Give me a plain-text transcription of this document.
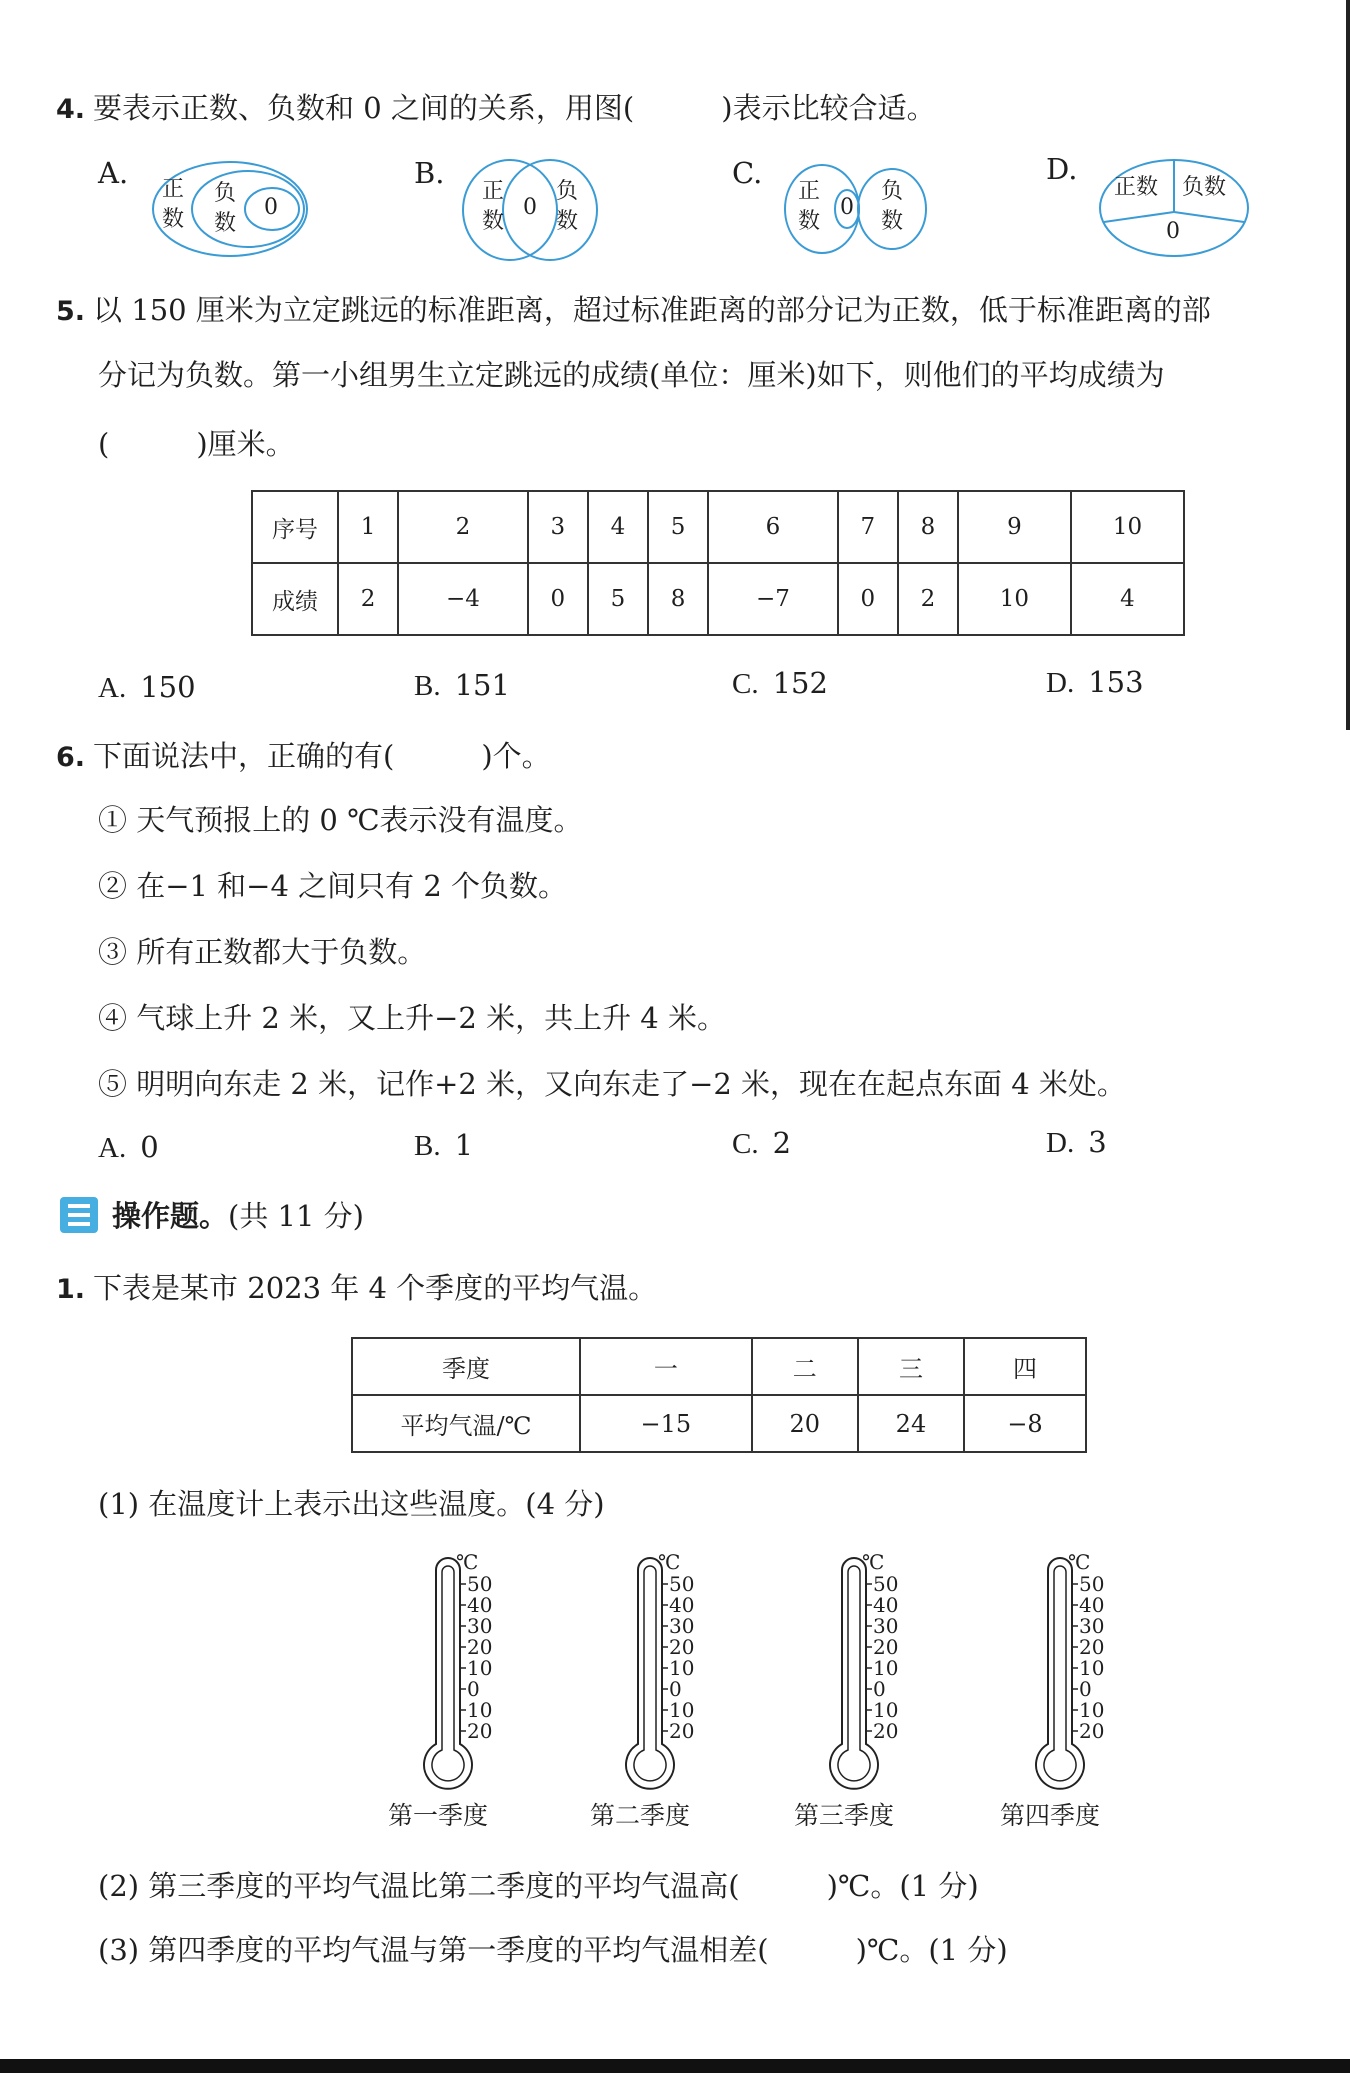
4. 要表示正数、负数和 0 之间的关系，用图(　　　)表示比较合适。
A. 正
数
负
数
0
B.
正
数
0
负
数
C.
正
数
0
负
数
D.
正数 负数
0
5. 以 150 厘米为立定跳远的标准距离，超过标准距离的部分记为正数，低于标准距离的部
分记为负数。第一小组男生立定跳远的成绩(单位：厘米)如下，则他们的平均成绩为
(　　　)厘米。
序号	1	2	3	4	5	6	7	8	9	10
成绩	2	−4	0	5	8	−7	0	2	10	4
A. 150	B. 151	C. 152	D. 153
6. 下面说法中，正确的有(　　　)个。
① 天气预报上的 0 ℃表示没有温度。
② 在−1 和−4 之间只有 2 个负数。
③ 所有正数都大于负数。
④ 气球上升 2 米，又上升−2 米，共上升 4 米。
⑤ 明明向东走 2 米，记作+2 米，又向东走了−2 米，现在在起点东面 4 米处。
A. 0	B. 1	C. 2	D. 3
操作题。(共 11 分)
1. 下表是某市 2023 年 4 个季度的平均气温。
季度	一	二	三	四
平均气温/℃	−15	20	24	−8
(1) 在温度计上表示出这些温度。(4 分)
50
40
30
20
10
0
10
20
℃
第一季度
50
40
30
20
10
0
10
20
℃
第二季度
50
40
30
20
10
0
10
20
℃
第三季度
50
40
30
20
10
0
10
20
℃
第四季度
(2) 第三季度的平均气温比第二季度的平均气温高(　　　)℃。(1 分)
(3) 第四季度的平均气温与第一季度的平均气温相差(　　　)℃。(1 分)
